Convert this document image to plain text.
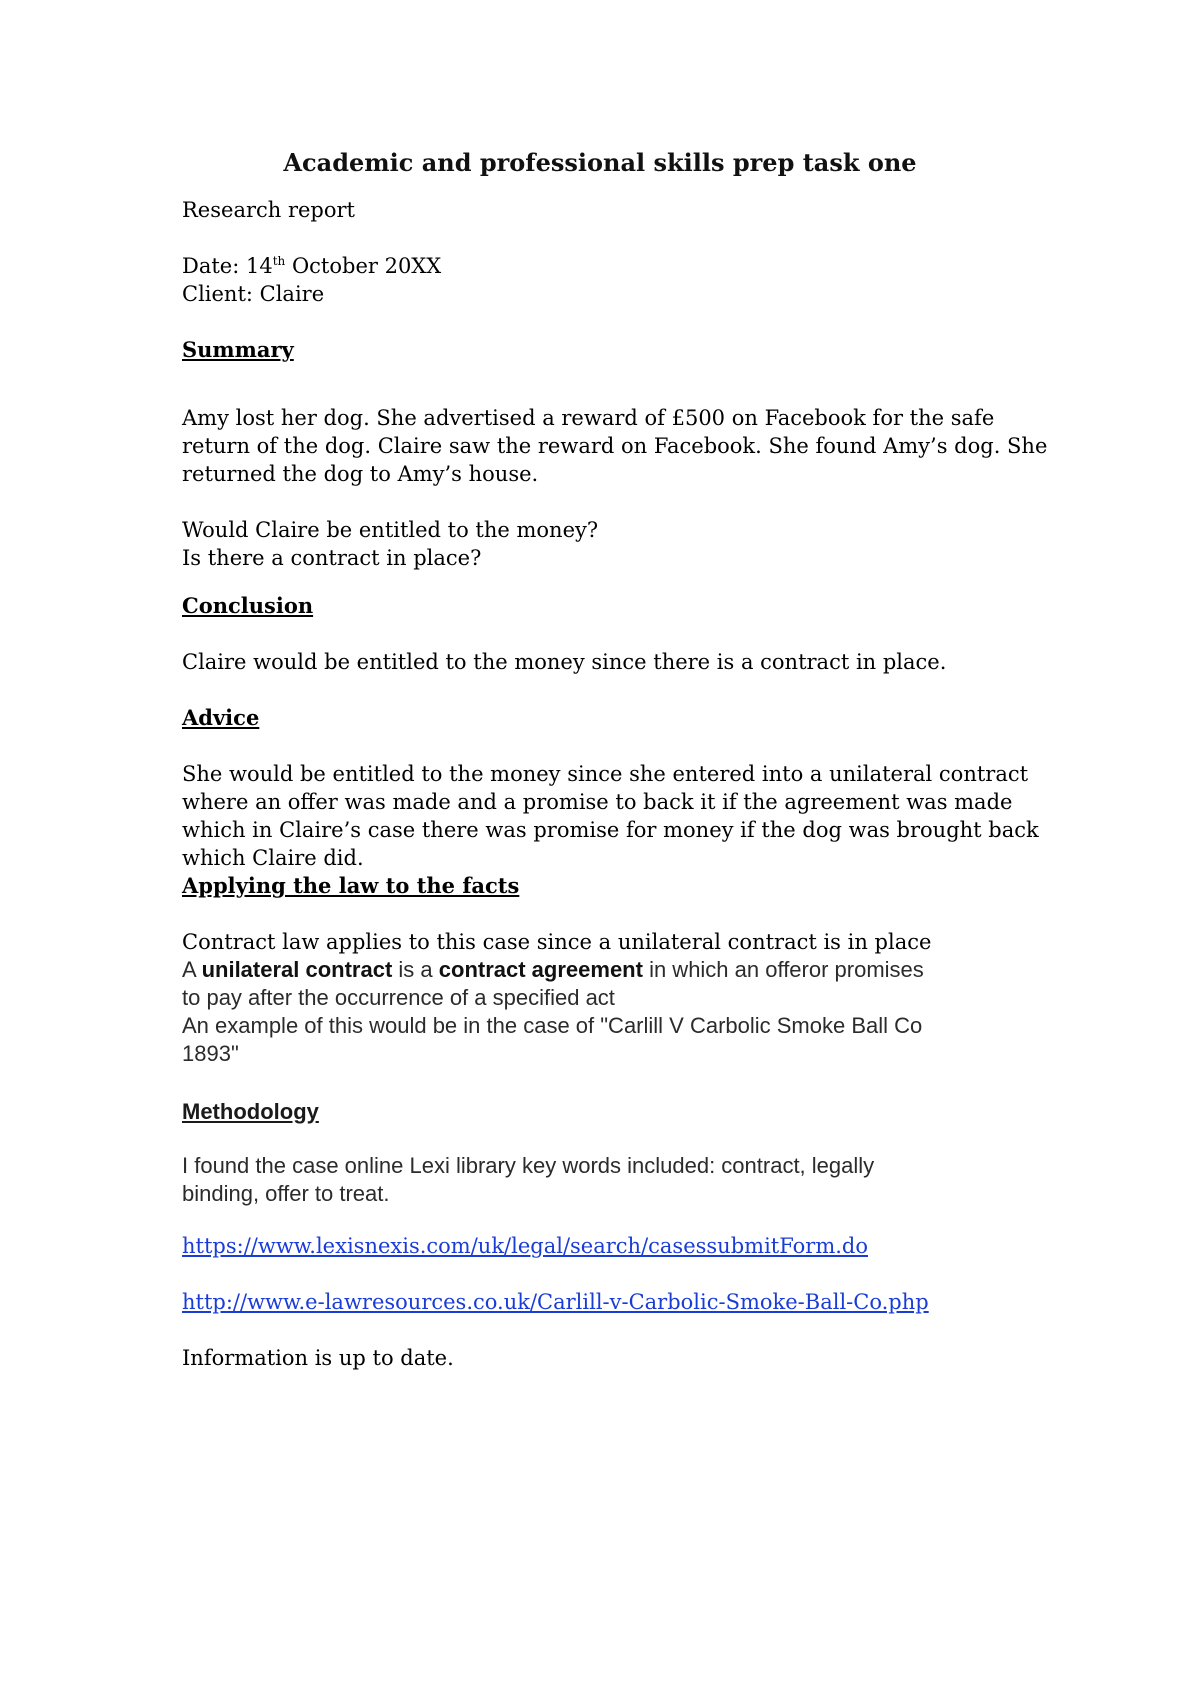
Academic and professional skills prep task one

Research report

Date: 14th October 20XX

Client: Claire

Summary

Amy lost her dog. She advertised a reward of £500 on Facebook for the safe
return of the dog. Claire saw the reward on Facebook. She found Amy’s dog. She
returned the dog to Amy’s house.
Would Claire be entitled to the money?
Is there a contract in place?

Conclusion

Claire would be entitled to the money since there is a contract in place.

Advice

She would be entitled to the money since she entered into a unilateral contract
where an offer was made and a promise to back it if the agreement was made
which in Claire’s case there was promise for money if the dog was brought back
which Claire did.

Applying the law to the facts

Contract law applies to this case since a unilateral contract is in place

A unilateral contract is a contract agreement in which an offeror promises
to pay after the occurrence of a specified act
An example of this would be in the case of "Carlill V Carbolic Smoke Ball Co
1893"

Methodology

I found the case online Lexi library key words included: contract, legally
binding, offer to treat.

https://www.lexisnexis.com/uk/legal/search/casessubmitForm.do

http://www.e-lawresources.co.uk/Carlill-v-Carbolic-Smoke-Ball-Co.php

Information is up to date.
